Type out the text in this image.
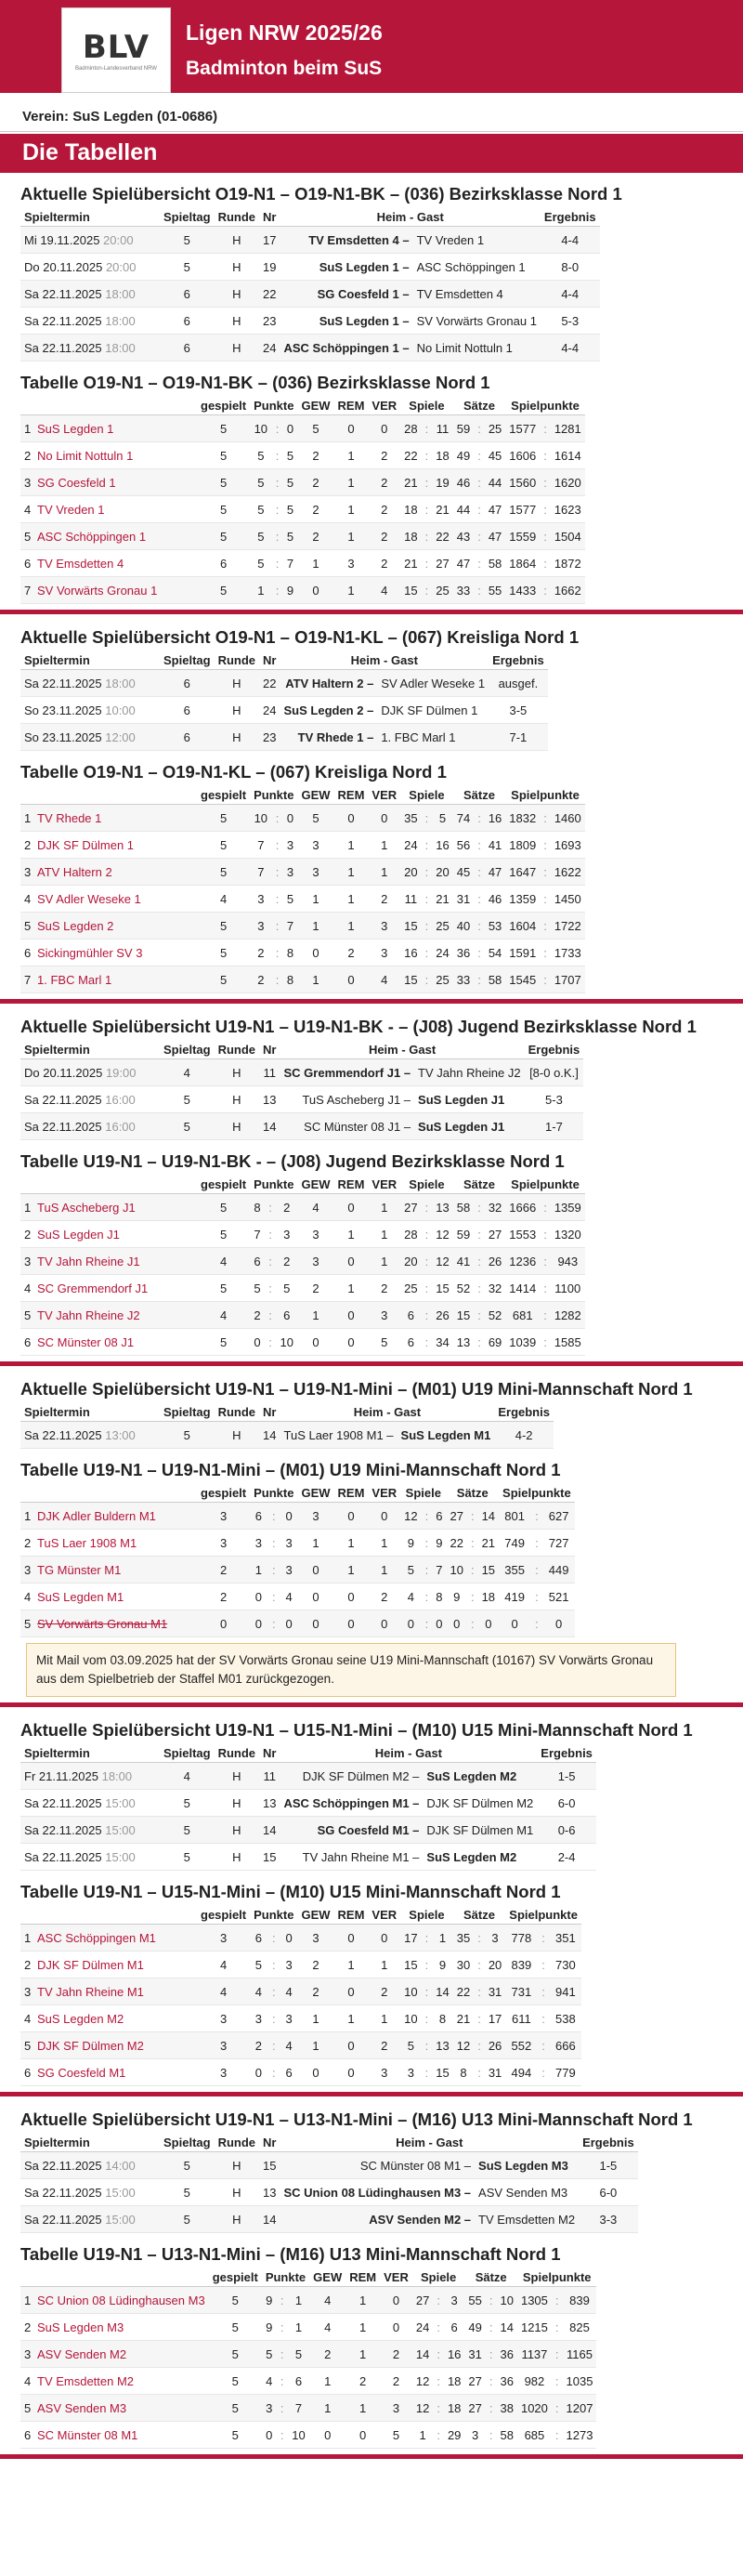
BLV
Badminton-Landesverband NRW
Ligen NRW 2025/26
Badminton beim SuS
Verein: SuS Legden (01-0686)
Die Tabellen
Aktuelle Spielübersicht O19-N1 – O19-N1-BK – (036) Bezirksklasse Nord 1
Spieltermin	Spieltag	Runde	Nr	Heim - Gast		Ergebnis
Mi 19.11.2025 20:00	5	H	17	TV Emsdetten 4 –	TV Vreden 1	4-4
Do 20.11.2025 20:00	5	H	19	SuS Legden 1 –	ASC Schöppingen 1	8-0
Sa 22.11.2025 18:00	6	H	22	SG Coesfeld 1 –	TV Emsdetten 4	4-4
Sa 22.11.2025 18:00	6	H	23	SuS Legden 1 –	SV Vorwärts Gronau 1	5-3
Sa 22.11.2025 18:00	6	H	24	ASC Schöppingen 1 –	No Limit Nottuln 1	4-4
Tabelle O19-N1 – O19-N1-BK – (036) Bezirksklasse Nord 1
	gespielt	Punkte			GEW	REM	VER	Spiele			Sätze			Spielpunkte		
1 SuS Legden 1	5	10	:	0	5	0	0	28	:	11	59	:	25	1577	:	1281
2 No Limit Nottuln 1	5	5	:	5	2	1	2	22	:	18	49	:	45	1606	:	1614
3 SG Coesfeld 1	5	5	:	5	2	1	2	21	:	19	46	:	44	1560	:	1620
4 TV Vreden 1	5	5	:	5	2	1	2	18	:	21	44	:	47	1577	:	1623
5 ASC Schöppingen 1	5	5	:	5	2	1	2	18	:	22	43	:	47	1559	:	1504
6 TV Emsdetten 4	6	5	:	7	1	3	2	21	:	27	47	:	58	1864	:	1872
7 SV Vorwärts Gronau 1	5	1	:	9	0	1	4	15	:	25	33	:	55	1433	:	1662
Aktuelle Spielübersicht O19-N1 – O19-N1-KL – (067) Kreisliga Nord 1
Spieltermin	Spieltag	Runde	Nr	Heim - Gast		Ergebnis
Sa 22.11.2025 18:00	6	H	22	ATV Haltern 2 –	SV Adler Weseke 1	ausgef.
So 23.11.2025 10:00	6	H	24	SuS Legden 2 –	DJK SF Dülmen 1	3-5
So 23.11.2025 12:00	6	H	23	TV Rhede 1 –	1. FBC Marl 1	7-1
Tabelle O19-N1 – O19-N1-KL – (067) Kreisliga Nord 1
	gespielt	Punkte			GEW	REM	VER	Spiele			Sätze			Spielpunkte		
1 TV Rhede 1	5	10	:	0	5	0	0	35	:	5	74	:	16	1832	:	1460
2 DJK SF Dülmen 1	5	7	:	3	3	1	1	24	:	16	56	:	41	1809	:	1693
3 ATV Haltern 2	5	7	:	3	3	1	1	20	:	20	45	:	47	1647	:	1622
4 SV Adler Weseke 1	4	3	:	5	1	1	2	11	:	21	31	:	46	1359	:	1450
5 SuS Legden 2	5	3	:	7	1	1	3	15	:	25	40	:	53	1604	:	1722
6 Sickingmühler SV 3	5	2	:	8	0	2	3	16	:	24	36	:	54	1591	:	1733
7 1. FBC Marl 1	5	2	:	8	1	0	4	15	:	25	33	:	58	1545	:	1707
Aktuelle Spielübersicht U19-N1 – U19-N1-BK - – (J08) Jugend Bezirksklasse Nord 1
Spieltermin	Spieltag	Runde	Nr	Heim - Gast		Ergebnis
Do 20.11.2025 19:00	4	H	11	SC Gremmendorf J1 –	TV Jahn Rheine J2	[8-0 o.K.]
Sa 22.11.2025 16:00	5	H	13	TuS Ascheberg J1 –	SuS Legden J1	5-3
Sa 22.11.2025 16:00	5	H	14	SC Münster 08 J1 –	SuS Legden J1	1-7
Tabelle U19-N1 – U19-N1-BK - – (J08) Jugend Bezirksklasse Nord 1
	gespielt	Punkte			GEW	REM	VER	Spiele			Sätze			Spielpunkte		
1 TuS Ascheberg J1	5	8	:	2	4	0	1	27	:	13	58	:	32	1666	:	1359
2 SuS Legden J1	5	7	:	3	3	1	1	28	:	12	59	:	27	1553	:	1320
3 TV Jahn Rheine J1	4	6	:	2	3	0	1	20	:	12	41	:	26	1236	:	943
4 SC Gremmendorf J1	5	5	:	5	2	1	2	25	:	15	52	:	32	1414	:	1100
5 TV Jahn Rheine J2	4	2	:	6	1	0	3	6	:	26	15	:	52	681	:	1282
6 SC Münster 08 J1	5	0	:	10	0	0	5	6	:	34	13	:	69	1039	:	1585
Aktuelle Spielübersicht U19-N1 – U19-N1-Mini – (M01) U19 Mini-Mannschaft Nord 1
Spieltermin	Spieltag	Runde	Nr	Heim - Gast		Ergebnis
Sa 22.11.2025 13:00	5	H	14	TuS Laer 1908 M1 –	SuS Legden M1	4-2
Tabelle U19-N1 – U19-N1-Mini – (M01) U19 Mini-Mannschaft Nord 1
	gespielt	Punkte			GEW	REM	VER	Spiele			Sätze			Spielpunkte		
1 DJK Adler Buldern M1	3	6	:	0	3	0	0	12	:	6	27	:	14	801	:	627
2 TuS Laer 1908 M1	3	3	:	3	1	1	1	9	:	9	22	:	21	749	:	727
3 TG Münster M1	2	1	:	3	0	1	1	5	:	7	10	:	15	355	:	449
4 SuS Legden M1	2	0	:	4	0	0	2	4	:	8	9	:	18	419	:	521
5 SV Vorwärts Gronau M1	0	0	:	0	0	0	0	0	:	0	0	:	0	0	:	0
Mit Mail vom 03.09.2025 hat der SV Vorwärts Gronau seine U19 Mini-Mannschaft (10167) SV Vorwärts Gronau aus dem Spielbetrieb der Staffel M01 zurückgezogen.
Aktuelle Spielübersicht U19-N1 – U15-N1-Mini – (M10) U15 Mini-Mannschaft Nord 1
Spieltermin	Spieltag	Runde	Nr	Heim - Gast		Ergebnis
Fr 21.11.2025 18:00	4	H	11	DJK SF Dülmen M2 –	SuS Legden M2	1-5
Sa 22.11.2025 15:00	5	H	13	ASC Schöppingen M1 –	DJK SF Dülmen M2	6-0
Sa 22.11.2025 15:00	5	H	14	SG Coesfeld M1 –	DJK SF Dülmen M1	0-6
Sa 22.11.2025 15:00	5	H	15	TV Jahn Rheine M1 –	SuS Legden M2	2-4
Tabelle U19-N1 – U15-N1-Mini – (M10) U15 Mini-Mannschaft Nord 1
	gespielt	Punkte			GEW	REM	VER	Spiele			Sätze			Spielpunkte		
1 ASC Schöppingen M1	3	6	:	0	3	0	0	17	:	1	35	:	3	778	:	351
2 DJK SF Dülmen M1	4	5	:	3	2	1	1	15	:	9	30	:	20	839	:	730
3 TV Jahn Rheine M1	4	4	:	4	2	0	2	10	:	14	22	:	31	731	:	941
4 SuS Legden M2	3	3	:	3	1	1	1	10	:	8	21	:	17	611	:	538
5 DJK SF Dülmen M2	3	2	:	4	1	0	2	5	:	13	12	:	26	552	:	666
6 SG Coesfeld M1	3	0	:	6	0	0	3	3	:	15	8	:	31	494	:	779
Aktuelle Spielübersicht U19-N1 – U13-N1-Mini – (M16) U13 Mini-Mannschaft Nord 1
Spieltermin	Spieltag	Runde	Nr	Heim - Gast		Ergebnis
Sa 22.11.2025 14:00	5	H	15	SC Münster 08 M1 –	SuS Legden M3	1-5
Sa 22.11.2025 15:00	5	H	13	SC Union 08 Lüdinghausen M3 –	ASV Senden M3	6-0
Sa 22.11.2025 15:00	5	H	14	ASV Senden M2 –	TV Emsdetten M2	3-3
Tabelle U19-N1 – U13-N1-Mini – (M16) U13 Mini-Mannschaft Nord 1
	gespielt	Punkte			GEW	REM	VER	Spiele			Sätze			Spielpunkte		
1 SC Union 08 Lüdinghausen M3	5	9	:	1	4	1	0	27	:	3	55	:	10	1305	:	839
2 SuS Legden M3	5	9	:	1	4	1	0	24	:	6	49	:	14	1215	:	825
3 ASV Senden M2	5	5	:	5	2	1	2	14	:	16	31	:	36	1137	:	1165
4 TV Emsdetten M2	5	4	:	6	1	2	2	12	:	18	27	:	36	982	:	1035
5 ASV Senden M3	5	3	:	7	1	1	3	12	:	18	27	:	38	1020	:	1207
6 SC Münster 08 M1	5	0	:	10	0	0	5	1	:	29	3	:	58	685	:	1273
